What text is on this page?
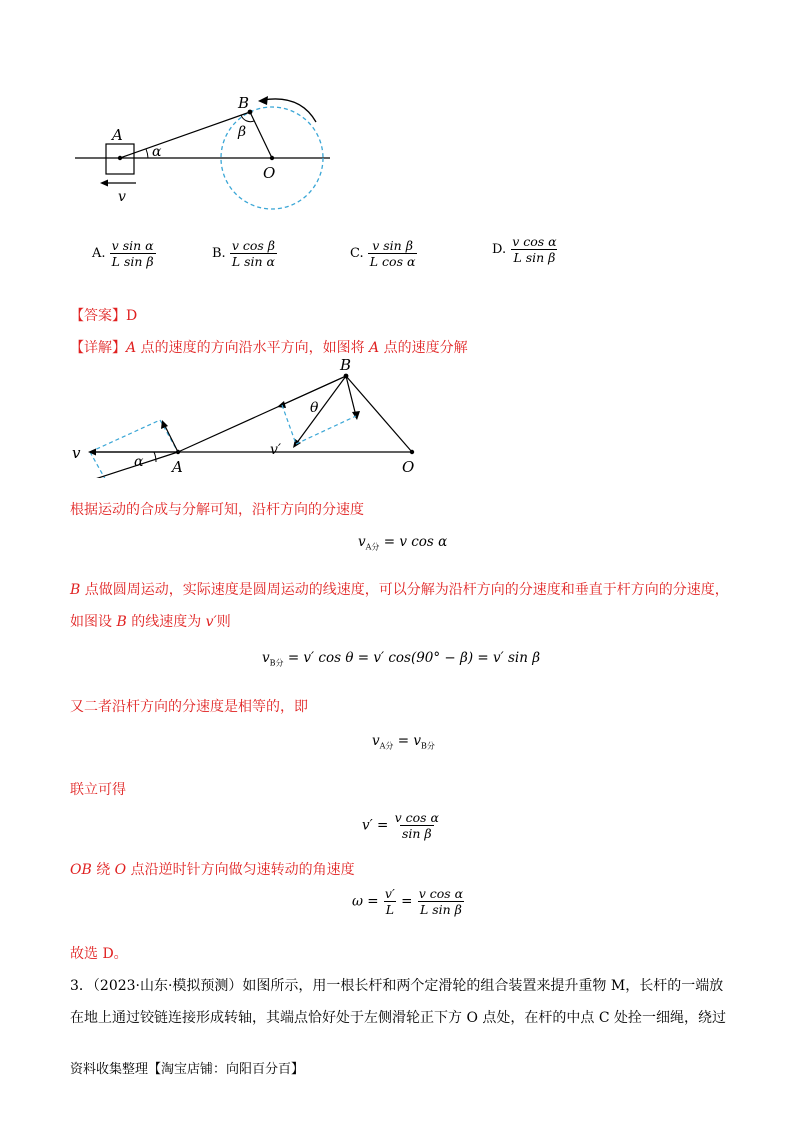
A
B
O
v
α
β
A. $\frac{\text{v sin α}}{\text{L sin β}}$	B. $\frac{\text{v cos β}}{\text{L sin α}}$	C. $\frac{\text{v sin β}}{\text{L cos α}}$	D. $\frac{\text{v cos α}}{\text{L sin β}}$
【答案】D
【详解】A 点的速度的方向沿水平方向，如图将 A 点的速度分解
B
θ
v	α A
v′
O
根据运动的合成与分解可知，沿杆方向的分速度
$v_{A分} = v$ cos α
B 点做圆周运动，实际速度是圆周运动的线速度，可以分解为沿杆方向的分速度和垂直于杆方向的分速度，
如图设 B 的线速度为 v′则
$v_{B分} = v'$ cos θ = v′ cos(90° − β) = v′ sin β
又二者沿杆方向的分速度是相等的，即
$v_{A分} = v_{B分}$
联立可得
$v' = \frac{\text{v cos α}}{\text{sin β}}$
OB 绕 O 点沿逆时针方向做匀速转动的角速度
$\omega = \frac{v'}{L} = \frac{\text{v cos α}}{\text{L sin β}}$
故选 D。
3．（2023·山东·模拟预测）如图所示，用一根长杆和两个定滑轮的组合装置来提升重物 M，长杆的一端放
在地上通过铰链连接形成转轴，其端点恰好处于左侧滑轮正下方 O 点处，在杆的中点 C 处拴一细绳，绕过
资料收集整理【淘宝店铺：向阳百分百】
